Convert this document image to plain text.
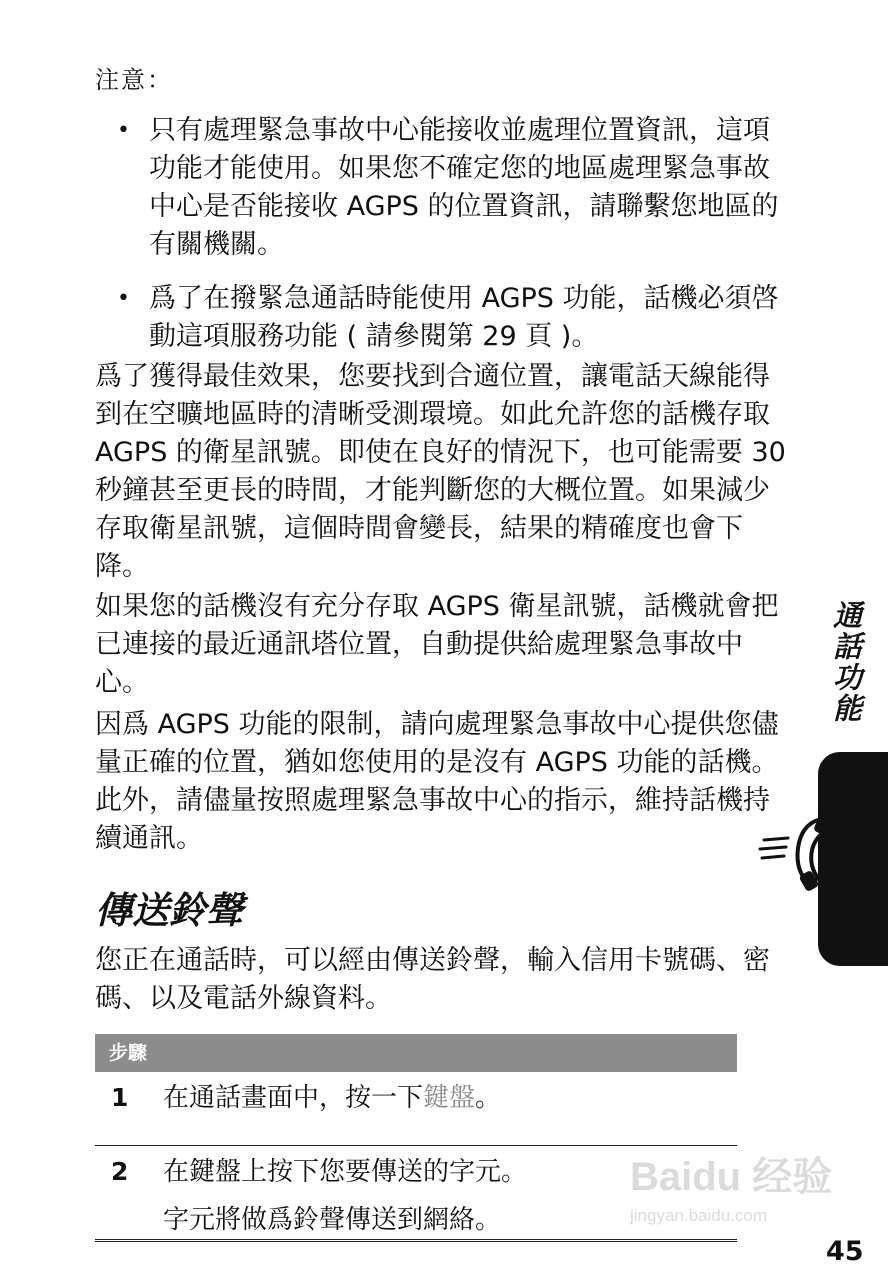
注意：
• 只有處理緊急事故中心能接收並處理位置資訊，這項功能才能使用。如果您不確定您的地區處理緊急事故中心是否能接收 AGPS 的位置資訊，請聯繫您地區的有關機關。
• 爲了在撥緊急通話時能使用 AGPS 功能，話機必須啓動這項服務功能 ( 請參閱第 29 頁 )。
爲了獲得最佳效果，您要找到合適位置，讓電話天線能得到在空曠地區時的清晰受測環境。如此允許您的話機存取 AGPS 的衛星訊號。即使在良好的情況下，也可能需要 30 秒鐘甚至更長的時間，才能判斷您的大概位置。如果減少存取衛星訊號，這個時間會變長，結果的精確度也會下降。
如果您的話機沒有充分存取 AGPS 衛星訊號，話機就會把已連接的最近通訊塔位置，自動提供給處理緊急事故中心。
因爲 AGPS 功能的限制，請向處理緊急事故中心提供您儘量正確的位置，猶如您使用的是沒有 AGPS 功能的話機。此外，請儘量按照處理緊急事故中心的指示，維持話機持續通訊。
傳送鈴聲
您正在通話時，可以經由傳送鈴聲，輸入信用卡號碼、密碼、以及電話外線資料。
步驟
1	在通話畫面中，按一下鍵盤。
2	在鍵盤上按下您要傳送的字元。
字元將做爲鈴聲傳送到網絡。
通話功能
45
Baidu 经验
jingyan.baidu.com
